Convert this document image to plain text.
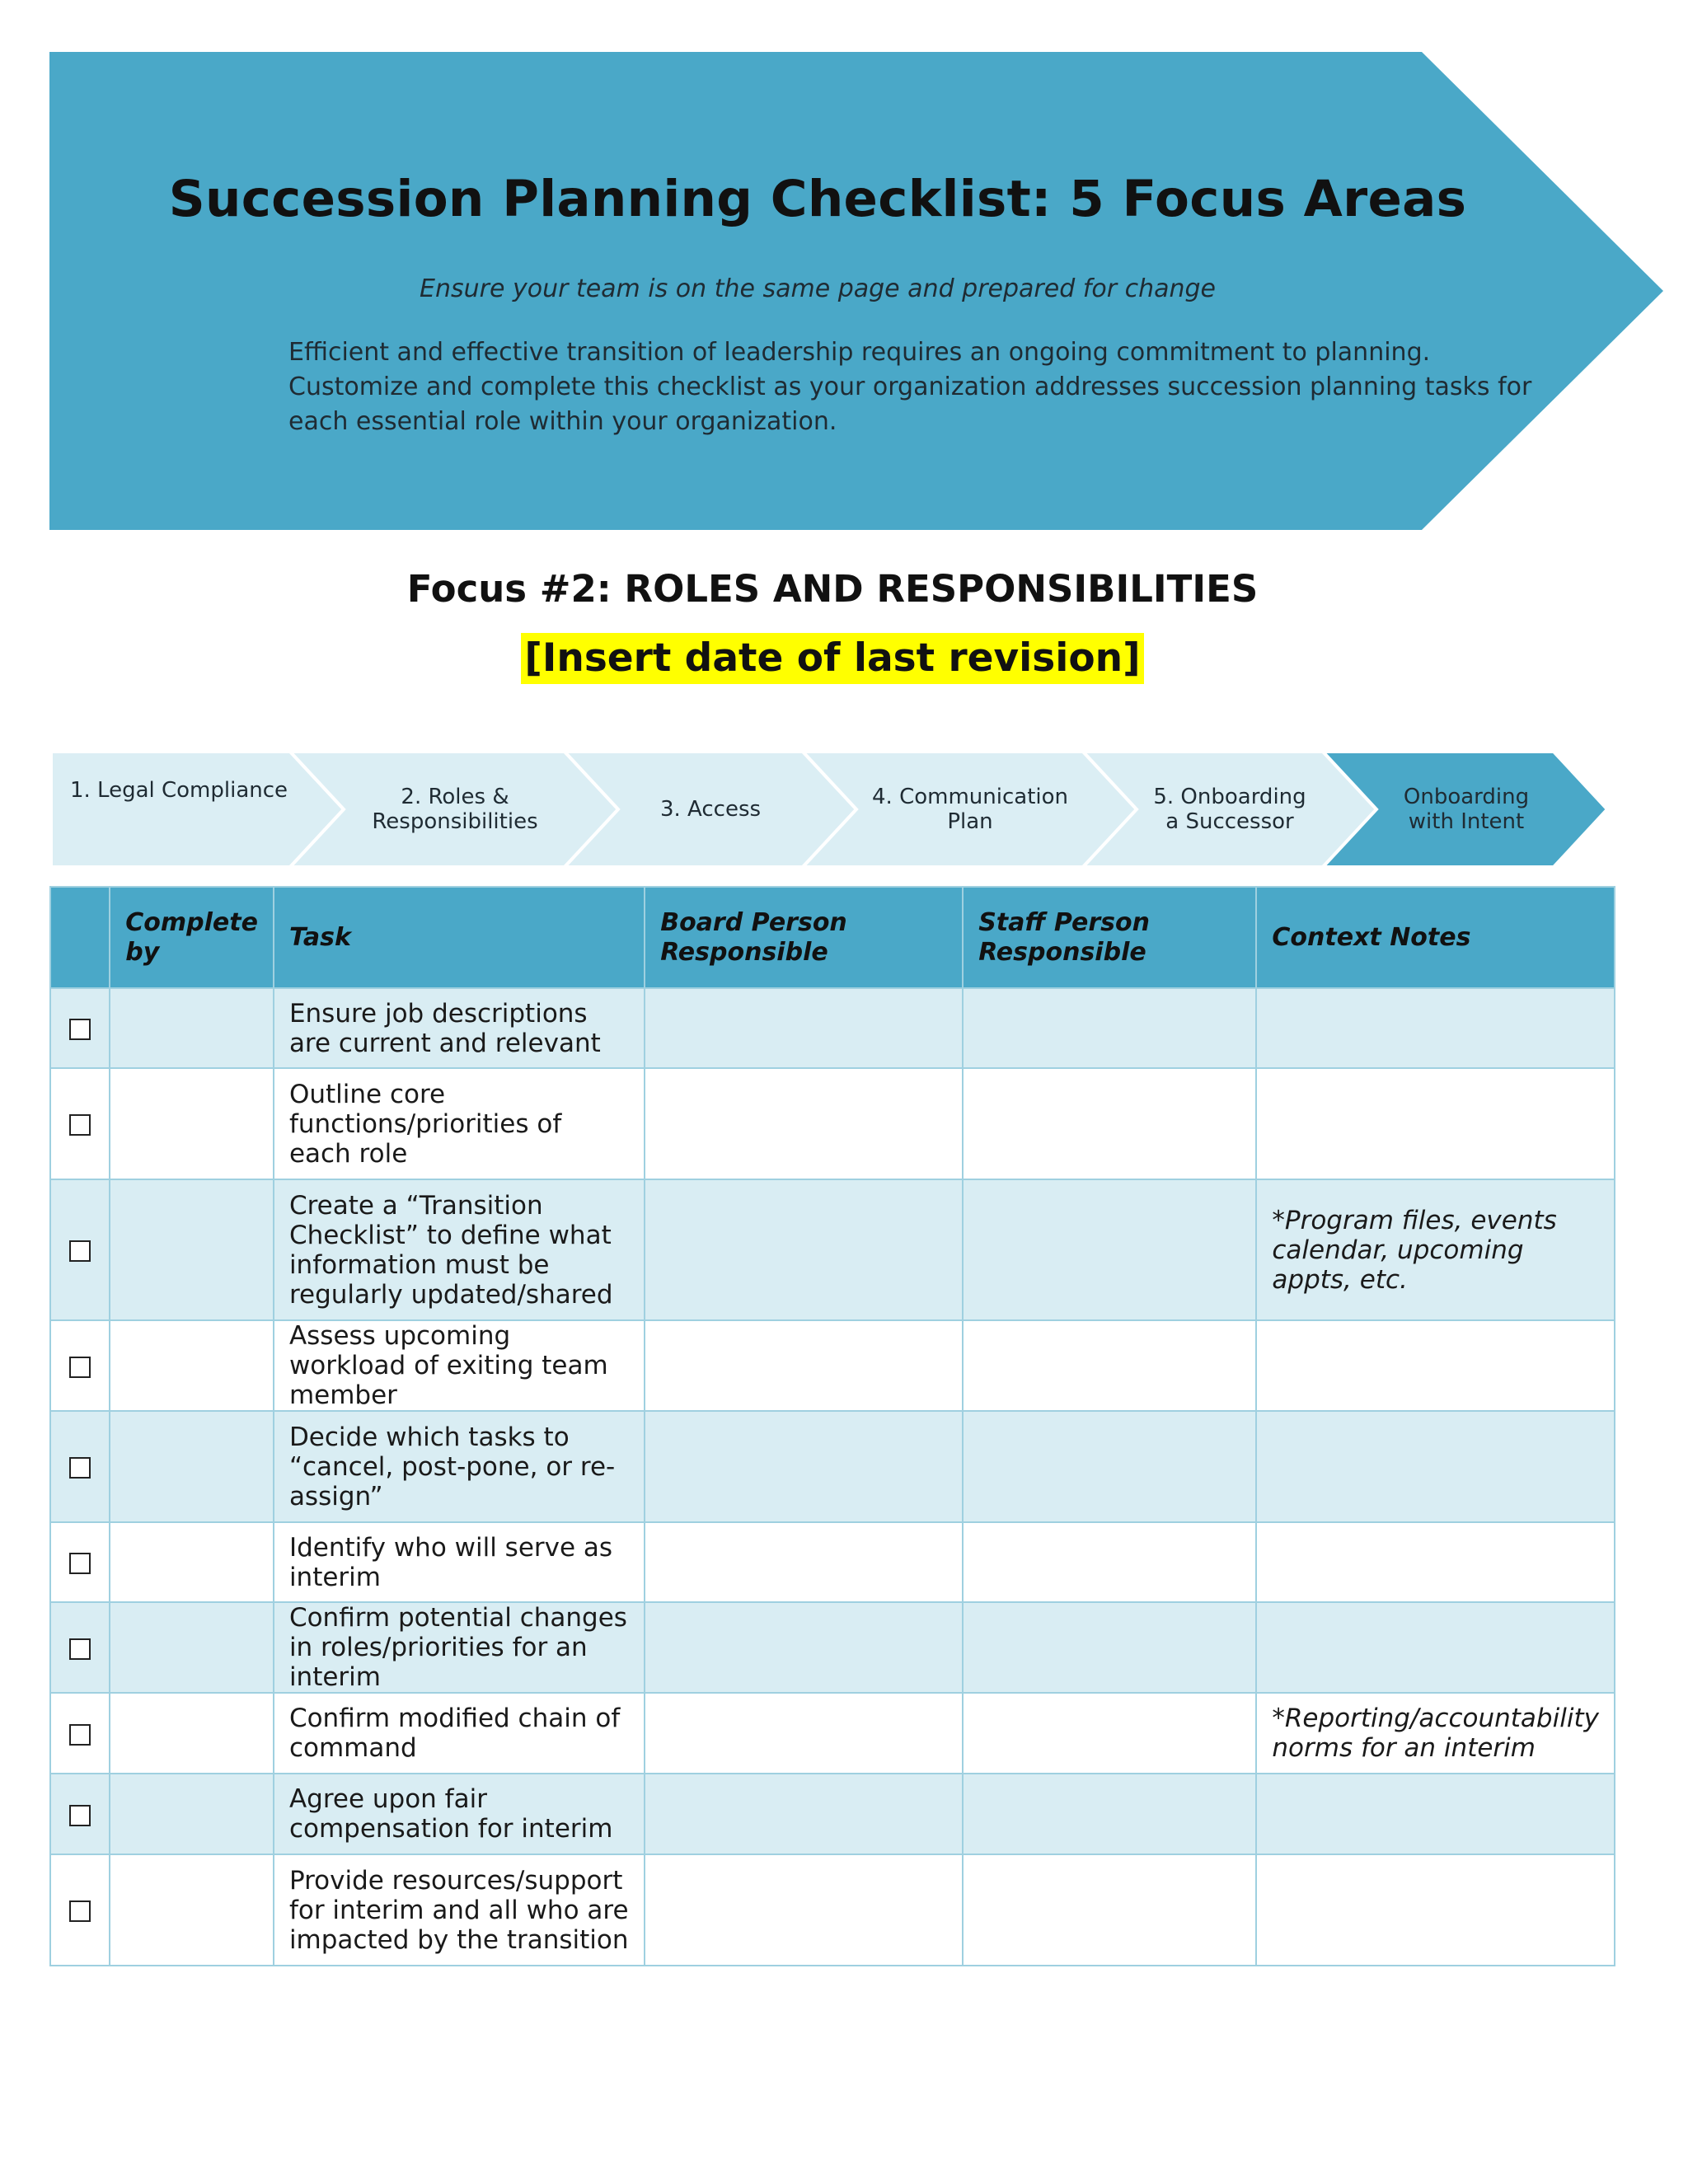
Succession Planning Checklist: 5 Focus Areas
Ensure your team is on the same page and prepared for change
Efficient and effective transition of leadership requires an ongoing commitment to planning. Customize and complete this checklist as your organization addresses succession planning tasks for each essential role within your organization.
Focus #2: ROLES AND RESPONSIBILITIES
[Insert date of last revision]
1. Legal Compliance	2. Roles & Responsibilities	3. Access	4. Communication Plan
5. Onboarding a Successor
Onboarding with Intent
	Complete by	Task	Board Person Responsible	Staff Person Responsible	Context Notes
		Ensure job descriptions are current and relevant			
		Outline core functions/priorities of each role			
		Create a “Transition Checklist” to define what information must be regularly updated/shared			*Program files, events calendar, upcoming appts, etc.
		Assess upcoming workload of exiting team member			
		Decide which tasks to “cancel, post-pone, or re-assign”			
		Identify who will serve as interim			
		Confirm potential changes in roles/priorities for an interim			
		Confirm modified chain of command			*Reporting/accountability norms for an interim
		Agree upon fair compensation for interim			
		Provide resources/support for interim and all who are impacted by the transition			
